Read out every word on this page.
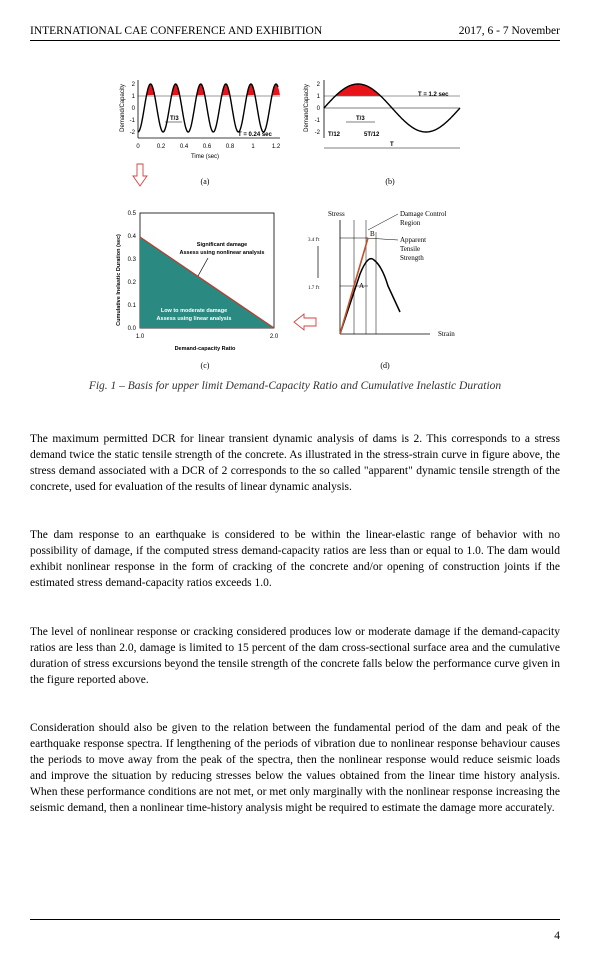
INTERNATIONAL CAE CONFERENCE AND EXHIBITION	2017, 6 - 7 November
Demand/Capacity 2
1
0
-1
-2
T/3
T = 0.24 sec
0	0.2 0.4 0.6 0.8	1	1.2
Time (sec)
(a)
Demand/Capacity 2
1
0
-1
-2
T = 1.2 sec
T/3
T/12	5T/12
T
(b)
Cumulative Inelastic Duration (sec)
0.5
0.4
0.3
0.2
0.1
0.0
Significant damage
Assess using nonlinear analysis
Low to moderate damage
Assess using linear analysis
1.0	2.0
Demand-capacity Ratio
(c)
Stress
Strain
A
B
3.4 f't
1.7 f't
Damage Control
Region
Apparent
Tensile
Strength
(d)
Fig. 1 – Basis for upper limit Demand-Capacity Ratio and Cumulative Inelastic Duration

The maximum permitted DCR for linear transient dynamic analysis of dams is 2. This corresponds to a stress demand twice the static tensile strength of the concrete. As illustrated in the stress-strain curve in figure above, the stress demand associated with a DCR of 2 corresponds to the so called "apparent" dynamic tensile strength of the concrete, used for evaluation of the results of linear dynamic analysis.

The dam response to an earthquake is considered to be within the linear-elastic range of behavior with no possibility of damage, if the computed stress demand-capacity ratios are less than or equal to 1.0. The dam would exhibit nonlinear response in the form of cracking of the concrete and/or opening of construction joints if the estimated stress demand-capacity ratios exceeds 1.0.

The level of nonlinear response or cracking considered produces low or moderate damage if the demand-capacity ratios are less than 2.0, damage is limited to 15 percent of the dam cross-sectional surface area and the cumulative duration of stress excursions beyond the tensile strength of the concrete falls below the performance curve given in the figure reported above.

Consideration should also be given to the relation between the fundamental period of the dam and peak of the earthquake response spectra. If lengthening of the periods of vibration due to nonlinear response behaviour causes the periods to move away from the peak of the spectra, then the nonlinear response would reduce seismic loads and improve the situation by reducing stresses below the values obtained from the linear time history analysis. When these performance conditions are not met, or met only marginally with the nonlinear response increasing the seismic demand, then a nonlinear time-history analysis might be required to estimate the damage more accurately.

4
